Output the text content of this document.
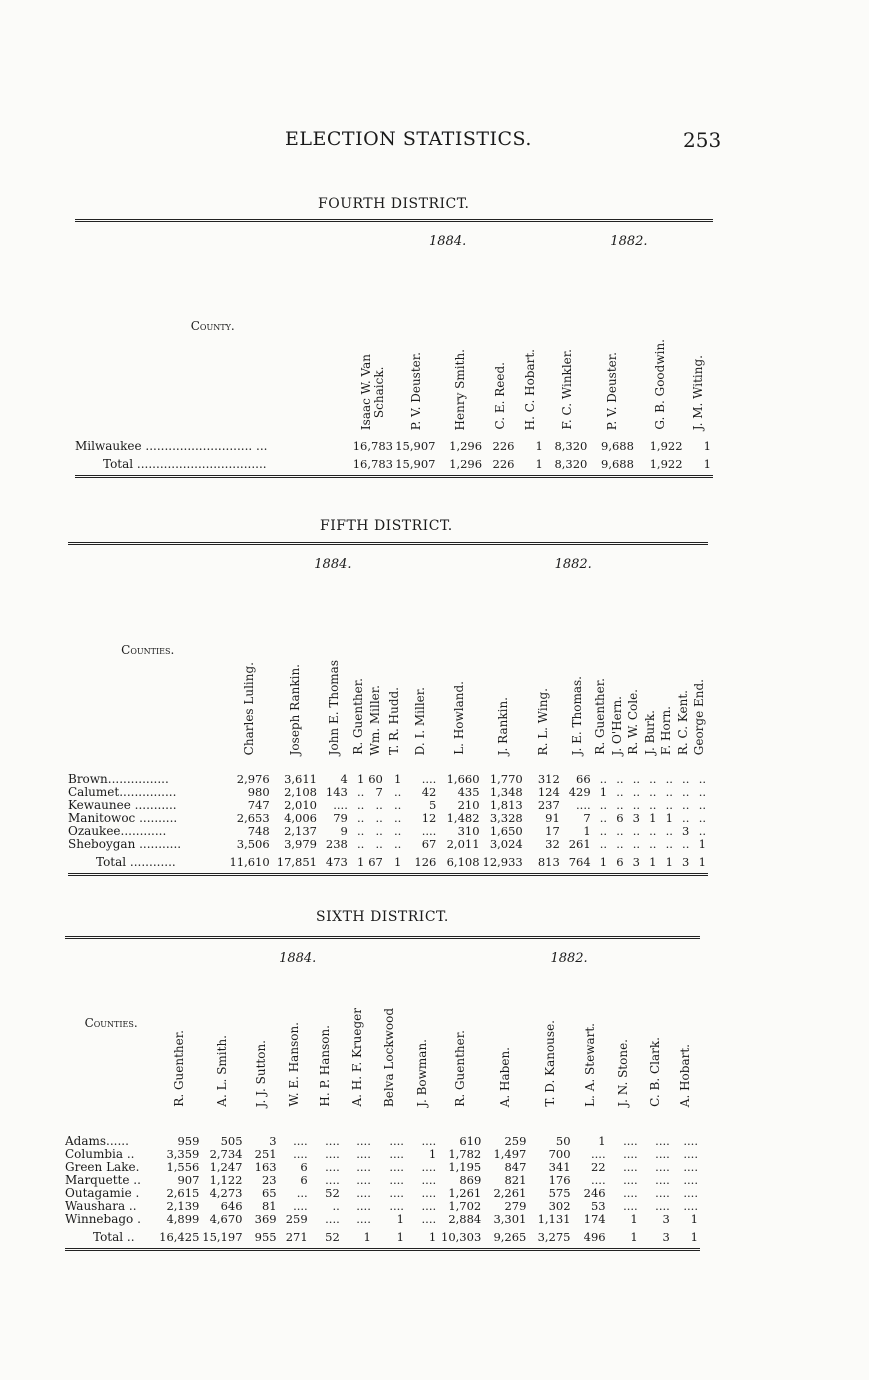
ELECTION STATISTICS.	253
FOURTH DISTRICT.
County.	1884.					1882.			

	Isaac W. Van
Schaick.	P. V. Deuster.	Henry Smith.	C. E. Reed.	H. C. Hobart.	F. C. Winkler.	P. V. Deuster.	G. B. Goodwin.	J. M. Witing.

Milwaukee ............................ ...	16,783	15,907	1,296	226	1	8,320	9,688	1,922	1
Total ..................................	16,783	15,907	1,296	226	1	8,320	9,688	1,922	1
FIFTH DISTRICT.
Counties.	1884.							1882.										

	Charles Luling.	Joseph Rankin.	John E. Thomas	R. Guenther.	Wm. Miller.	T. R. Hudd.	D. I. Miller.	L. Howland.	J. Rankin.	R. L. Wing.	J. E. Thomas.	R. Guenther.	J. O'Hern.	R. W. Cole.	J. Burk.	F. Horn.	R. C. Kent.	George End.

Brown................	2,976	3,611	4	1	60	1	....	1,660	1,770	312	66	..	..	..	..	..	..	..
Calumet...............	980	2,108	143	..	7	..	42	435	1,348	124	429	1	..	..	..	..	..	..
Kewaunee ...........	747	2,010	....	..	..	..	5	210	1,813	237	....	..	..	..	..	..	..	..
Manitowoc ..........	2,653	4,006	79	..	..	..	12	1,482	3,328	91	7	..	6	3	1	1	..	..
Ozaukee............	748	2,137	9	..	..	..	....	310	1,650	17	1	..	..	..	..	..	3	..
Sheboygan ...........	3,506	3,979	238	..	..	..	67	2,011	3,024	32	261	..	..	..	..	..	..	1
Total ............	11,610	17,851	473	1	67	1	126	6,108	12,933	813	764	1	6	3	1	1	3	1
SIXTH DISTRICT.
Counties.	1884.								1882.						

	R. Guenther.	A. L. Smith.	J. J. Sutton.	W. E. Hanson.	H. P. Hanson.	A. H. F. Krueger	Belva Lockwood	J. Bowman.	R. Guenther.	A. Haben.	T. D. Kanouse.	L. A. Stewart.	J. N. Stone.	C. B. Clark.	A. Hobart.

Adams......	959	505	3	....	....	....	....	....	610	259	50	1	....	....	....
Columbia ..	3,359	2,734	251	....	....	....	....	1	1,782	1,497	700	....	....	....	....
Green Lake.	1,556	1,247	163	6	....	....	....	....	1,195	847	341	22	....	....	....
Marquette ..	907	1,122	23	6	....	....	....	....	869	821	176	....	....	....	....
Outagamie .	2,615	4,273	65	...	52	....	....	....	1,261	2,261	575	246	....	....	....
Waushara ..	2,139	646	81	....	..	....	....	....	1,702	279	302	53	....	....	....
Winnebago .	4,899	4,670	369	259	....	....	1	....	2,884	3,301	1,131	174	1	3	1
Total ..	16,425	15,197	955	271	52	1	1	1	10,303	9,265	3,275	496	1	3	1
